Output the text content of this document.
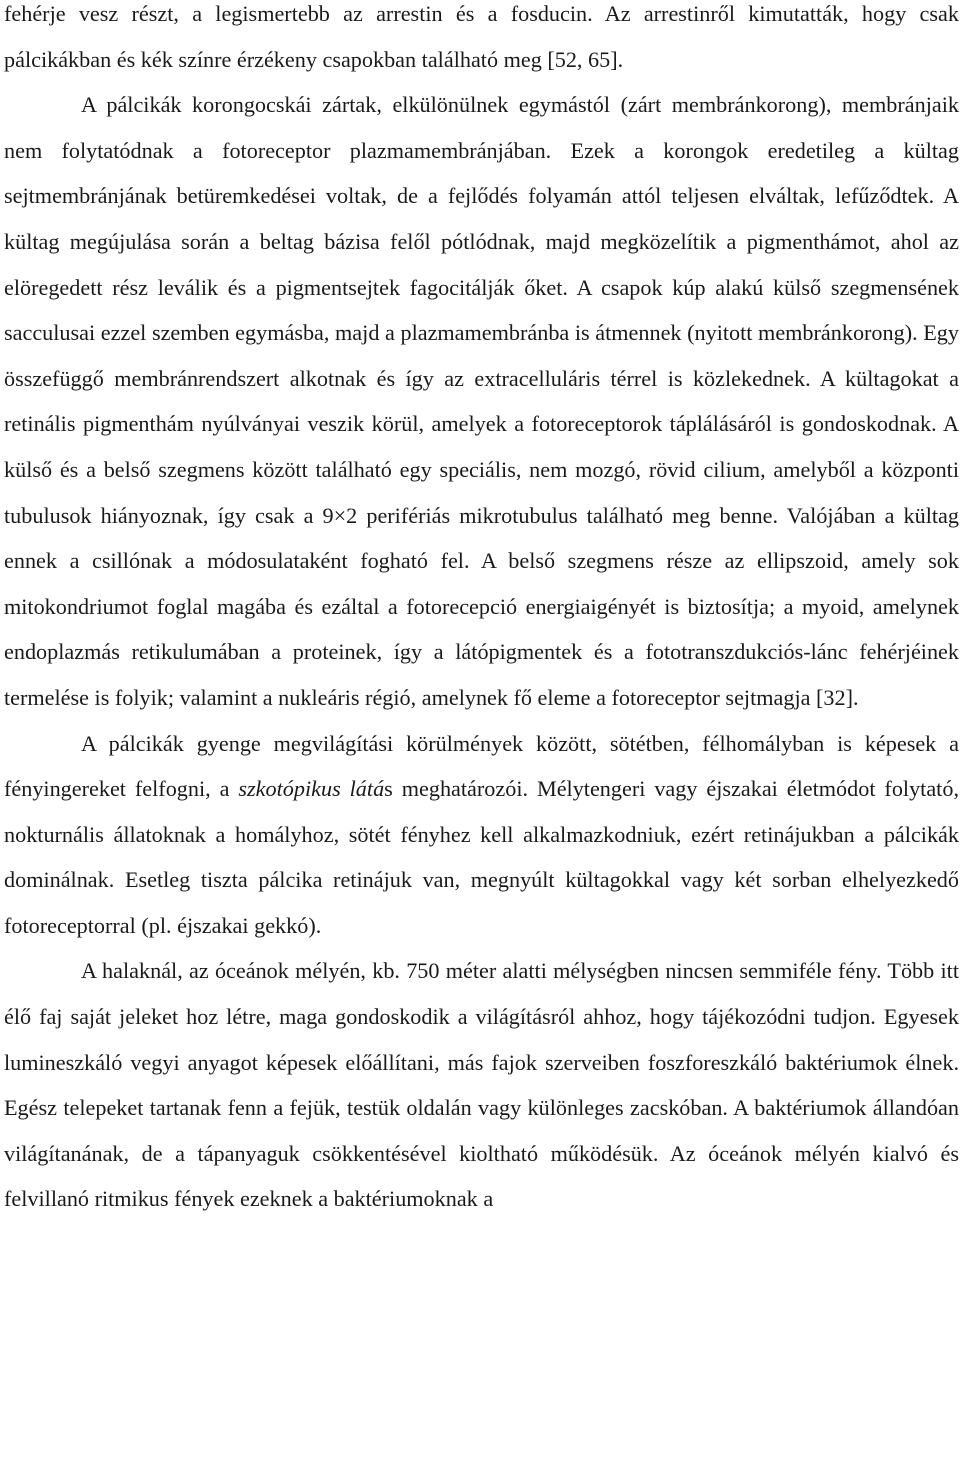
fehérje vesz részt, a legismertebb az arrestin és a fosducin. Az arrestinről kimutatták, hogy csak pálcikákban és kék színre érzékeny csapokban található meg [52, 65].

A pálcikák korongocskái zártak, elkülönülnek egymástól (zárt membránkorong), membránjaik nem folytatódnak a fotoreceptor plazmamembránjában. Ezek a korongok eredetileg a kültag sejtmembránjának betüremkedései voltak, de a fejlődés folyamán attól teljesen elváltak, lefűződtek. A kültag megújulása során a beltag bázisa felől pótlódnak, majd megközelítik a pigmenthámot, ahol az elöregedett rész leválik és a pigmentsejtek fagocitálják őket. A csapok kúp alakú külső szegmensének sacculusai ezzel szemben egymásba, majd a plazmamembránba is átmennek (nyitott membránkorong). Egy összefüggő membránrendszert alkotnak és így az extracelluláris térrel is közlekednek. A kültagokat a retinális pigmenthám nyúlványai veszik körül, amelyek a fotoreceptorok táplálásáról is gondoskodnak. A külső és a belső szegmens között található egy speciális, nem mozgó, rövid cilium, amelyből a központi tubulusok hiányoznak, így csak a 9×2 perifériás mikrotubulus található meg benne. Valójában a kültag ennek a csillónak a módosulataként fogható fel. A belső szegmens része az ellipszoid, amely sok mitokondriumot foglal magába és ezáltal a fotorecepció energiaigényét is biztosítja; a myoid, amelynek endoplazmás retikulumában a proteinek, így a látópigmentek és a fototranszdukciós-lánc fehérjéinek termelése is folyik; valamint a nukleáris régió, amelynek fő eleme a fotoreceptor sejtmagja [32].

A pálcikák gyenge megvilágítási körülmények között, sötétben, félhomályban is képesek a fényingereket felfogni, a szkotópikus látás meghatározói. Mélytengeri vagy éjszakai életmódot folytató, nokturnális állatoknak a homályhoz, sötét fényhez kell alkalmazkodniuk, ezért retinájukban a pálcikák dominálnak. Esetleg tiszta pálcika retinájuk van, megnyúlt kültagokkal vagy két sorban elhelyezkedő fotoreceptorral (pl. éjszakai gekkó).

A halaknál, az óceánok mélyén, kb. 750 méter alatti mélységben nincsen semmiféle fény. Több itt élő faj saját jeleket hoz létre, maga gondoskodik a világításról ahhoz, hogy tájékozódni tudjon. Egyesek lumineszkáló vegyi anyagot képesek előállítani, más fajok szerveiben foszforeszkáló baktériumok élnek. Egész telepeket tartanak fenn a fejük, testük oldalán vagy különleges zacskóban. A baktériumok állandóan világítanának, de a tápanyaguk csökkentésével kioltható működésük. Az óceánok mélyén kialvó és felvillanó ritmikus fények ezeknek a baktériumoknak a
